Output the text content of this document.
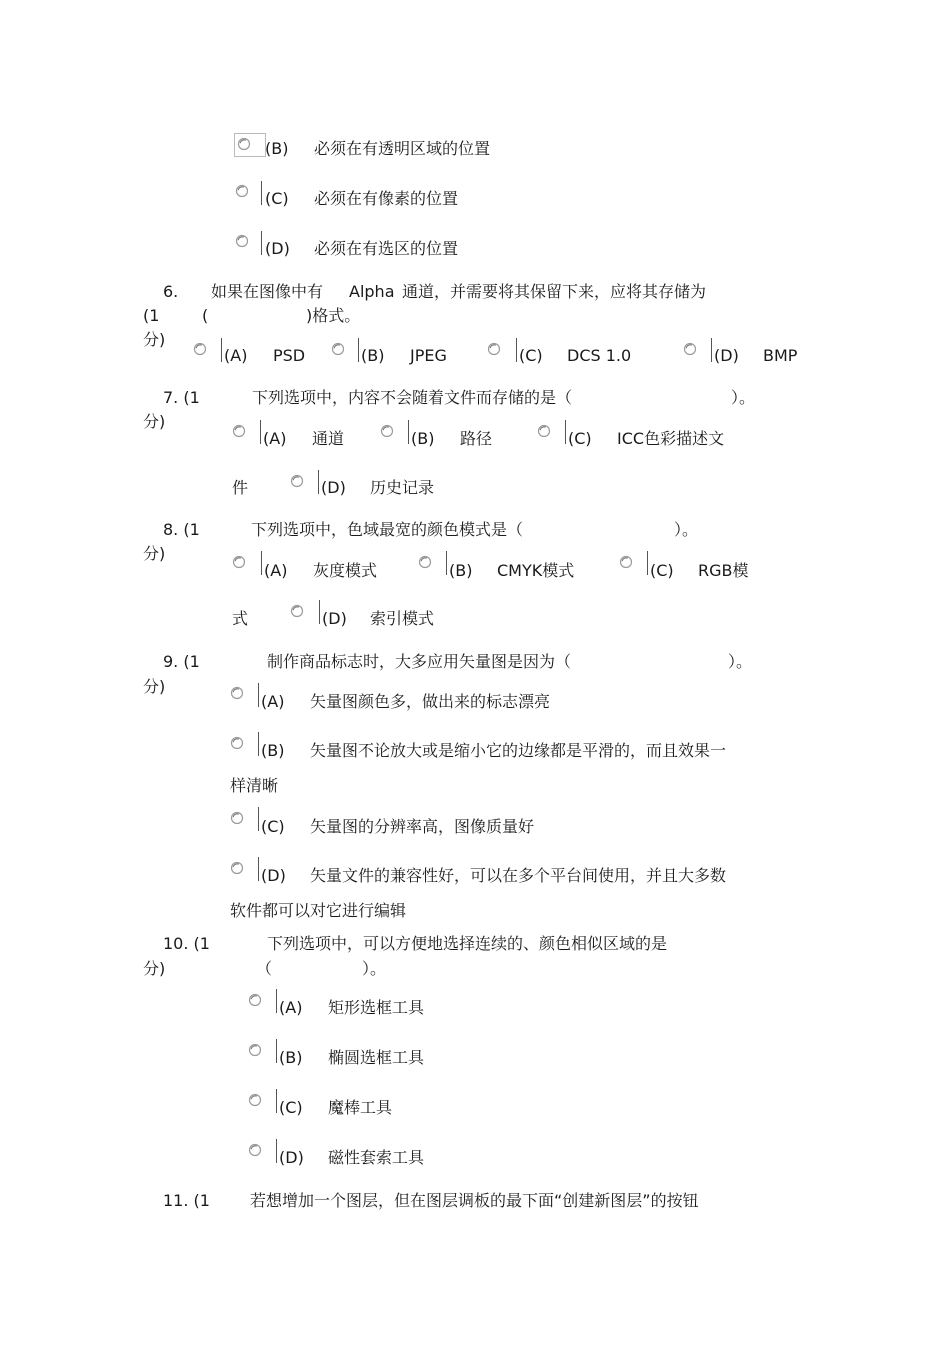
(B) 必须在有透明区域的位置
(C) 必须在有像素的位置
(D) 必须在有选区的位置
6. 如果在图像中有 Alpha 通道，并需要将其保留下来，应将其存储为
(1	(	)格式。
分)
(A) PSD	(B) JPEG	(C) DCS 1.0	(D) BMP
7. (1	下列选项中，内容不会随着文件而存储的是（	）。
分)
(A) 通道	(B) 路径	(C) ICC色彩描述文
件	(D) 历史记录
8. (1	下列选项中，色域最宽的颜色模式是（	）。
分)
(A) 灰度模式	(B) CMYK模式	(C) RGB模
式	(D) 索引模式
9. (1	制作商品标志时，大多应用矢量图是因为（	）。
分)
(A) 矢量图颜色多，做出来的标志漂亮
(B) 矢量图不论放大或是缩小它的边缘都是平滑的，而且效果一
样清晰
(C) 矢量图的分辨率高，图像质量好
(D) 矢量文件的兼容性好，可以在多个平台间使用，并且大多数
软件都可以对它进行编辑
10. (1	下列选项中，可以方便地选择连续的、颜色相似区域的是
分)	（	）。
(A) 矩形选框工具
(B) 椭圆选框工具
(C) 魔棒工具
(D) 磁性套索工具
11. (1	若想增加一个图层，但在图层调板的最下面“创建新图层”的按钮
